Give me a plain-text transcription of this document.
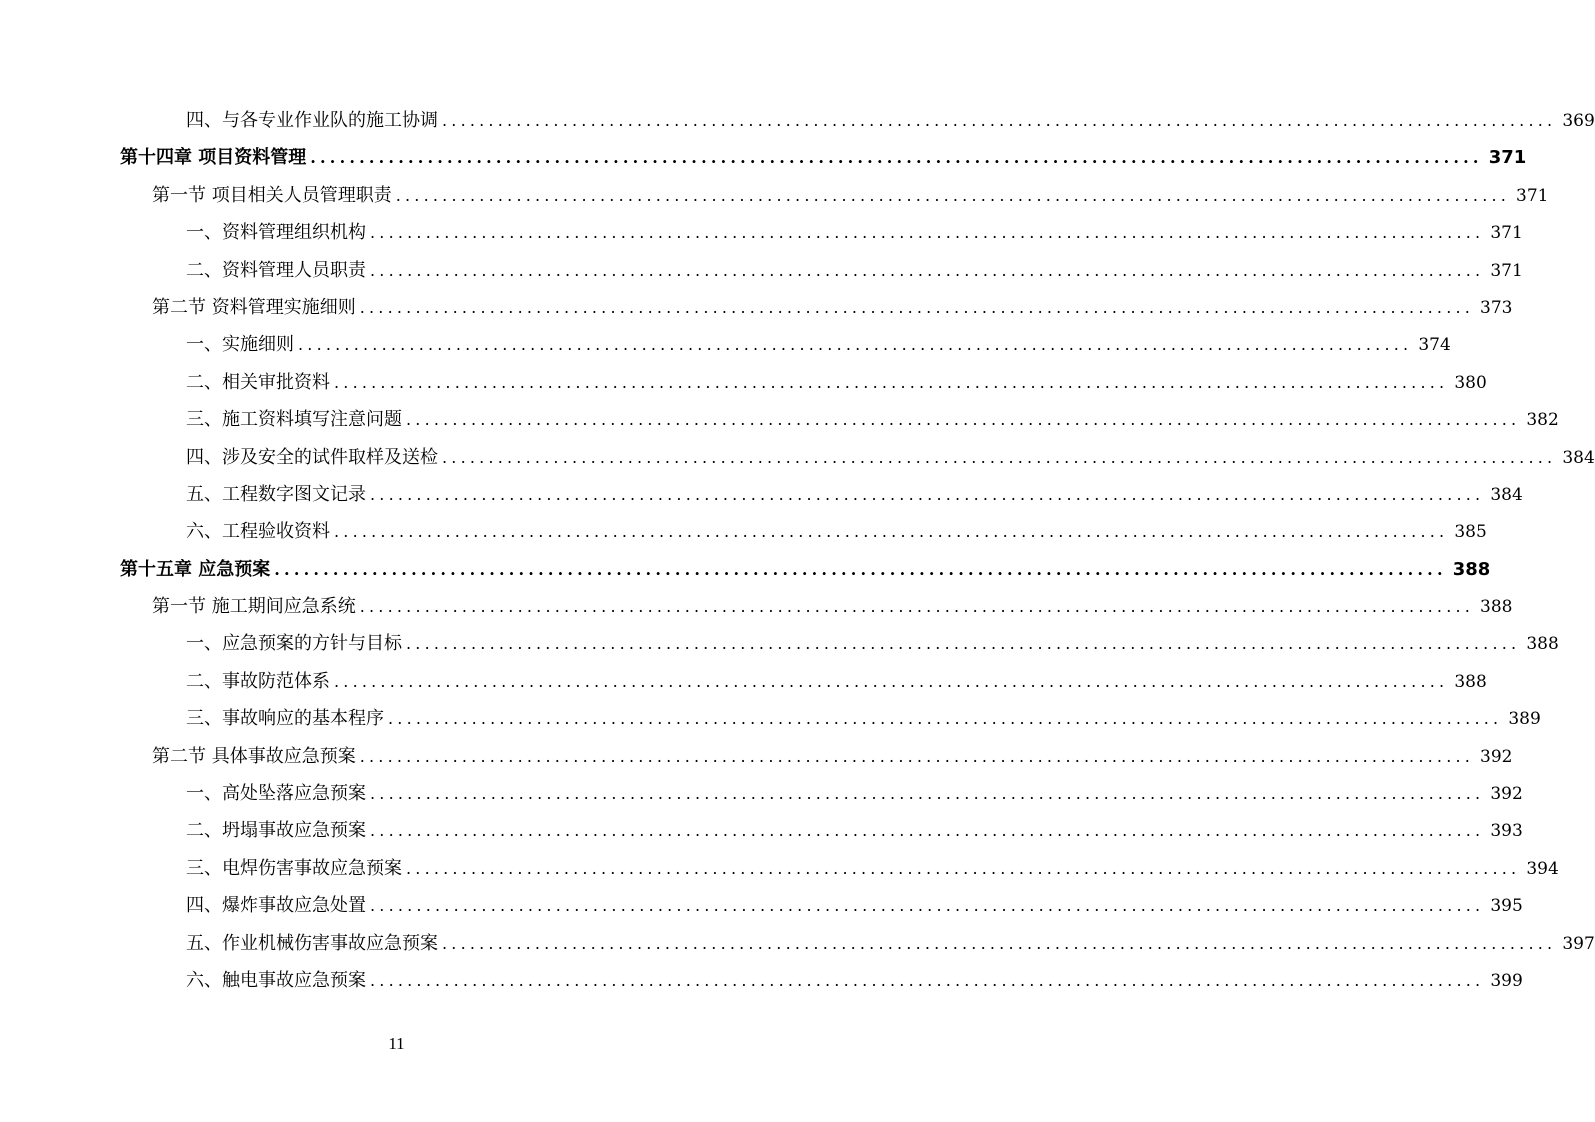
四、与各专业作业队的施工协调 ........................................................................................................................ 369
第十四章 项目资料管理 ........................................................................................................................ 371
第一节 项目相关人员管理职责 ........................................................................................................................ 371
一、资料管理组织机构 ........................................................................................................................ 371
二、资料管理人员职责 ........................................................................................................................ 371
第二节 资料管理实施细则 ........................................................................................................................ 373
一、实施细则 ........................................................................................................................ 374
二、相关审批资料 ........................................................................................................................ 380
三、施工资料填写注意问题 ........................................................................................................................ 382
四、涉及安全的试件取样及送检 ........................................................................................................................ 384
五、工程数字图文记录 ........................................................................................................................ 384
六、工程验收资料 ........................................................................................................................ 385
第十五章 应急预案 ........................................................................................................................ 388
第一节 施工期间应急系统 ........................................................................................................................ 388
一、应急预案的方针与目标 ........................................................................................................................ 388
二、事故防范体系 ........................................................................................................................ 388
三、事故响应的基本程序 ........................................................................................................................ 389
第二节 具体事故应急预案 ........................................................................................................................ 392
一、高处坠落应急预案 ........................................................................................................................ 392
二、坍塌事故应急预案 ........................................................................................................................ 393
三、电焊伤害事故应急预案 ........................................................................................................................ 394
四、爆炸事故应急处置 ........................................................................................................................ 395
五、作业机械伤害事故应急预案 ........................................................................................................................ 397
六、触电事故应急预案 ........................................................................................................................ 399
11
